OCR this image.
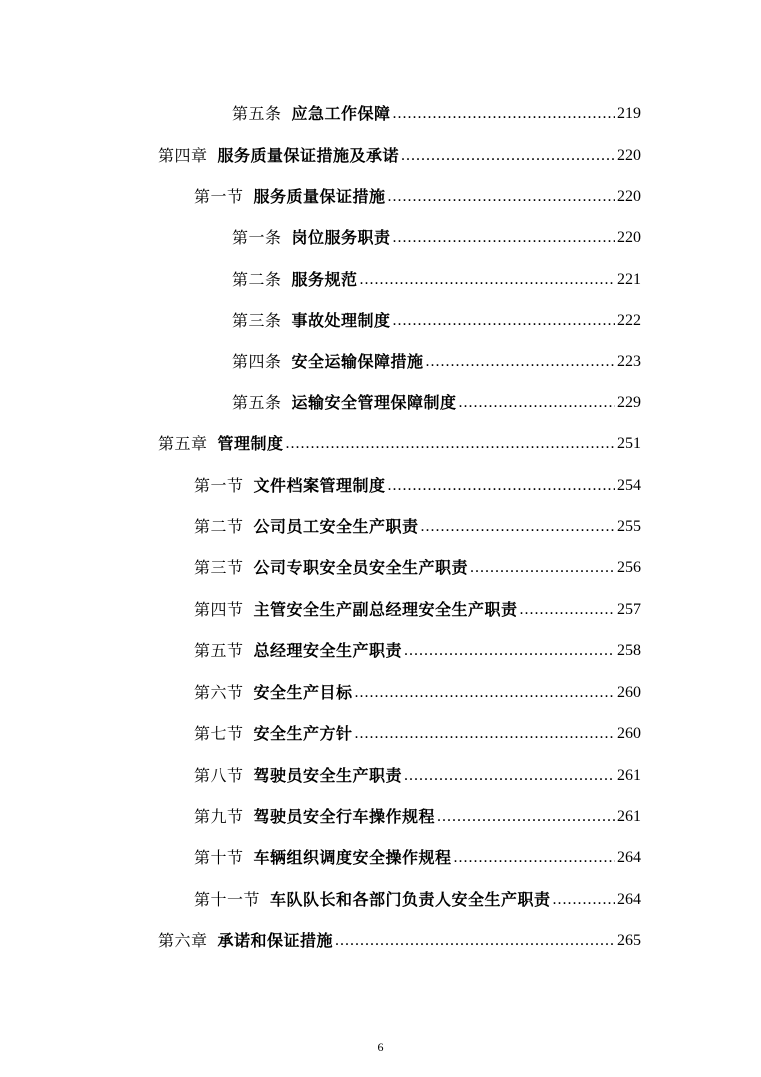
第五条 应急工作保障 .....	219
第四章 服务质量保证措施及承诺 .....	220
第一节 服务质量保证措施 .....	220
第一条 岗位服务职责 .....	220
第二条 服务规范 .....	221
第三条 事故处理制度 .....	222
第四条 安全运输保障措施 .....	223
第五条 运输安全管理保障制度 .....	229
第五章 管理制度 .....	251
第一节 文件档案管理制度 .....	254
第二节 公司员工安全生产职责 .....	255
第三节 公司专职安全员安全生产职责 .....	256
第四节 主管安全生产副总经理安全生产职责 .....	257
第五节 总经理安全生产职责 .....	258
第六节 安全生产目标 .....	260
第七节 安全生产方针 .....	260
第八节 驾驶员安全生产职责 .....	261
第九节 驾驶员安全行车操作规程 .....	261
第十节 车辆组织调度安全操作规程 .....	264
第十一节 车队队长和各部门负责人安全生产职责 .....	264
第六章 承诺和保证措施 .....	265
6
